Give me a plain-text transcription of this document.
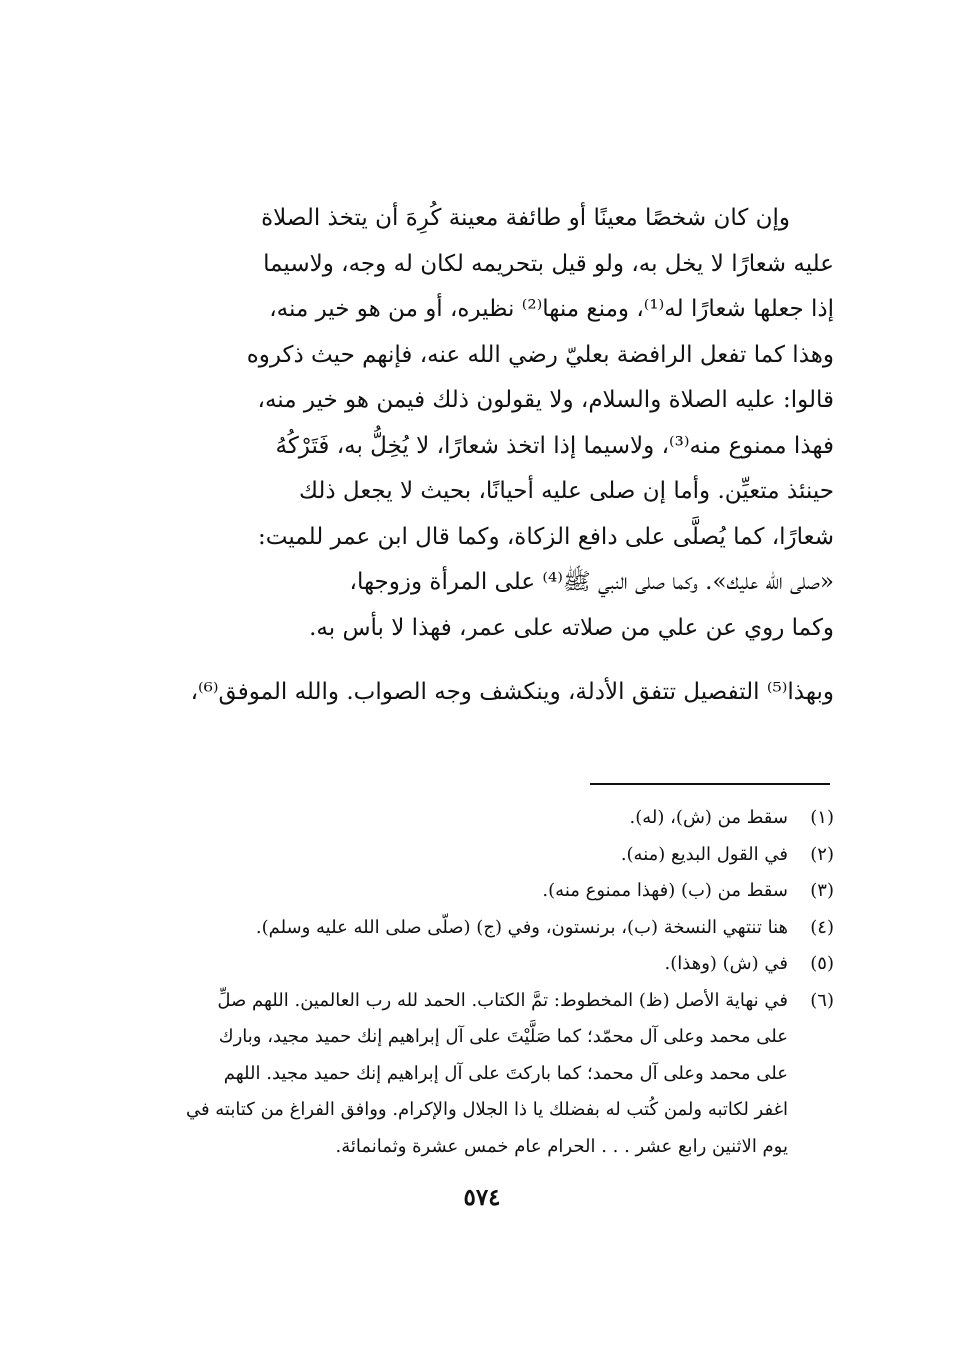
وإن كان شخصًا معينًا أو طائفة معينة كُرِهَ أن يتخذ الصلاة
عليه شعارًا لا يخل به، ولو قيل بتحريمه لكان له وجه، ولاسيما
إذا جعلها شعارًا له⁽¹⁾، ومنع منها⁽²⁾ نظيره، أو من هو خير منه،
وهذا كما تفعل الرافضة بعليّ رضي الله عنه، فإنهم حيث ذكروه
قالوا: عليه الصلاة والسلام، ولا يقولون ذلك فيمن هو خير منه،
فهذا ممنوع منه⁽³⁾، ولاسيما إذا اتخذ شعارًا، لا يُخِلُّ به، فَتَرْكُهُ
حينئذ متعيِّن. وأما إن صلى عليه أحيانًا، بحيث لا يجعل ذلك
شعارًا، كما يُصلَّى على دافع الزكاة، وكما قال ابن عمر للميت:
«صلى الله عليك». وكما صلى النبي ﷺ⁽⁴⁾ على المرأة وزوجها،
وكما روي عن علي من صلاته على عمر، فهذا لا بأس به.
وبهذا⁽⁵⁾ التفصيل تتفق الأدلة، وينكشف وجه الصواب. والله الموفق⁽⁶⁾،
(١)
سقط من (ش)، (له).
(٢)
في القول البديع (منه).
(٣)
سقط من (ب) (فهذا ممنوع منه).
(٤)
هنا تنتهي النسخة (ب)، برنستون، وفي (ج) (صلّى صلى الله عليه وسلم).
(٥)
في (ش) (وهذا).
(٦)
في نهاية الأصل (ظ) المخطوط: تمَّ الكتاب. الحمد لله رب العالمين. اللهم صلِّ
على محمد وعلى آل محمّد؛ كما صَلَّيْتَ على آل إبراهيم إنك حميد مجيد، وبارك
على محمد وعلى آل محمد؛ كما باركتَ على آل إبراهيم إنك حميد مجيد. اللهم
اغفر لكاتبه ولمن كُتب له بفضلك يا ذا الجلال والإكرام. ووافق الفراغ من كتابته في
يوم الاثنين رابع عشر . . . الحرام عام خمس عشرة وثمانمائة.
٥٧٤
